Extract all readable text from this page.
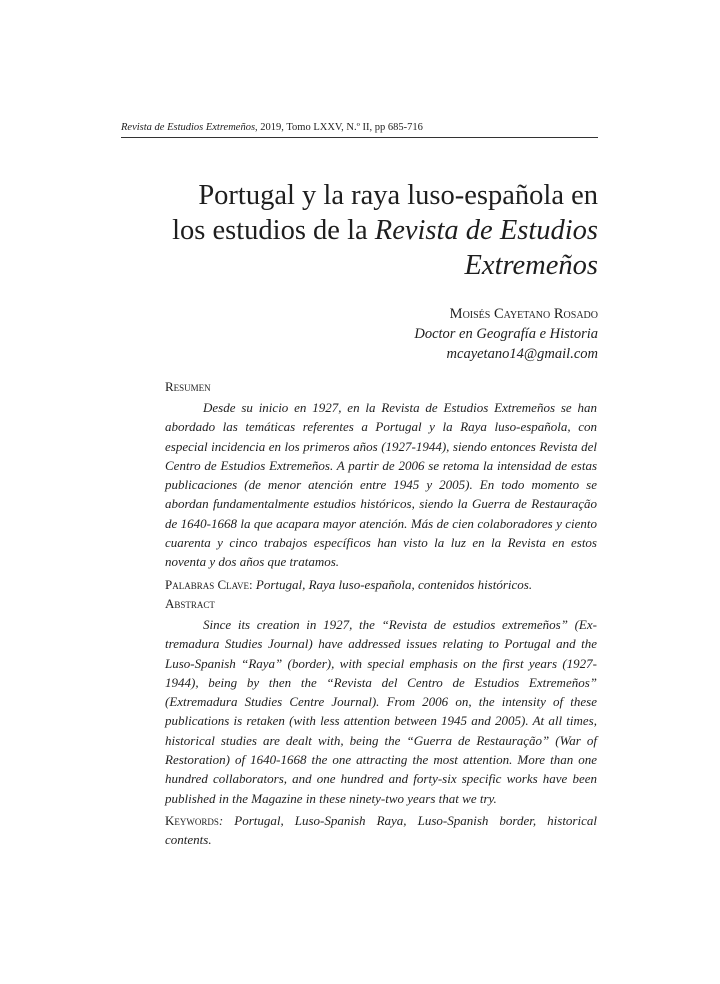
Revista de Estudios Extremeños, 2019, Tomo LXXV, N.º II, pp 685-716
Portugal y la raya luso-española en
los estudios de la Revista de Estudios
Extremeños
Moisés Cayetano Rosado
Doctor en Geografía e Historia
mcayetano14@gmail.com
Resumen
Desde su inicio en 1927, en la Revista de Estudios Extremeños se han abordado las temáticas referentes a Portugal y la Raya luso-española, con especial incidencia en los primeros años (1927-1944), siendo entonces Revista del Centro de Estudios Extremeños. A partir de 2006 se retoma la intensidad de estas publicaciones (de menor atención entre 1945 y 2005). En todo momento se abordan fundamentalmente estudios históricos, siendo la Guerra de Restauração de 1640-1668 la que acapara mayor atención. Más de cien colaboradores y ciento cuarenta y cinco trabajos específicos han visto la luz en la Revista en estos noventa y dos años que tratamos.
Palabras Clave: Portugal, Raya luso-española, contenidos históricos.
Abstract
Since its creation in 1927, the “Revista de estudios extremeños” (Extremadura Studies Journal) have addressed issues relating to Portugal and the Luso-Spanish “Raya” (border), with special emphasis on the first years (1927-1944), being by then the “Revista del Centro de Estudios Extremeños” (Extremadura Studies Centre Journal). From 2006 on, the intensity of these publications is retaken (with less attention between 1945 and 2005). At all times, historical studies are dealt with, being the “Guerra de Restauração” (War of Restoration) of 1640-1668 the one attracting the most attention. More than one hundred collaborators, and one hundred and forty-six specific works have been published in the Magazine in these ninety-two years that we try.
Keywords: Portugal, Luso-Spanish Raya, Luso-Spanish border, historical contents.
